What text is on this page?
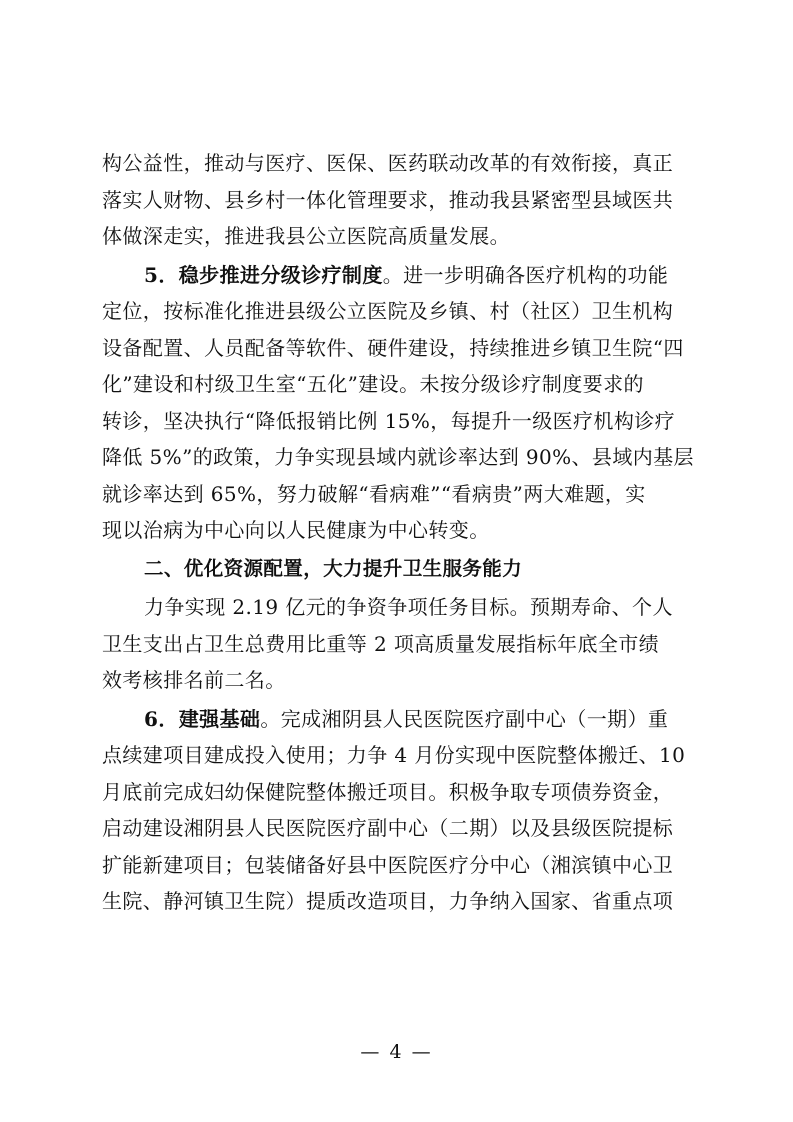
构公益性，推动与医疗、医保、医药联动改革的有效衔接，真正
落实人财物、县乡村一体化管理要求，推动我县紧密型县域医共
体做深走实，推进我县公立医院高质量发展。
5．稳步推进分级诊疗制度。进一步明确各医疗机构的功能
定位，按标准化推进县级公立医院及乡镇、村（社区）卫生机构
设备配置、人员配备等软件、硬件建设，持续推进乡镇卫生院“四
化”建设和村级卫生室“五化”建设。未按分级诊疗制度要求的
转诊，坚决执行“降低报销比例 15%，每提升一级医疗机构诊疗
降低 5%”的政策，力争实现县域内就诊率达到 90%、县域内基层
就诊率达到 65%，努力破解“看病难”“看病贵”两大难题，实
现以治病为中心向以人民健康为中心转变。
二、优化资源配置，大力提升卫生服务能力
力争实现 2.19 亿元的争资争项任务目标。预期寿命、个人
卫生支出占卫生总费用比重等 2 项高质量发展指标年底全市绩
效考核排名前二名。
6．建强基础。完成湘阴县人民医院医疗副中心（一期）重
点续建项目建成投入使用；力争 4 月份实现中医院整体搬迁、10
月底前完成妇幼保健院整体搬迁项目。积极争取专项债券资金，
启动建设湘阴县人民医院医疗副中心（二期）以及县级医院提标
扩能新建项目；包装储备好县中医院医疗分中心（湘滨镇中心卫
生院、静河镇卫生院）提质改造项目，力争纳入国家、省重点项
— 4 —
